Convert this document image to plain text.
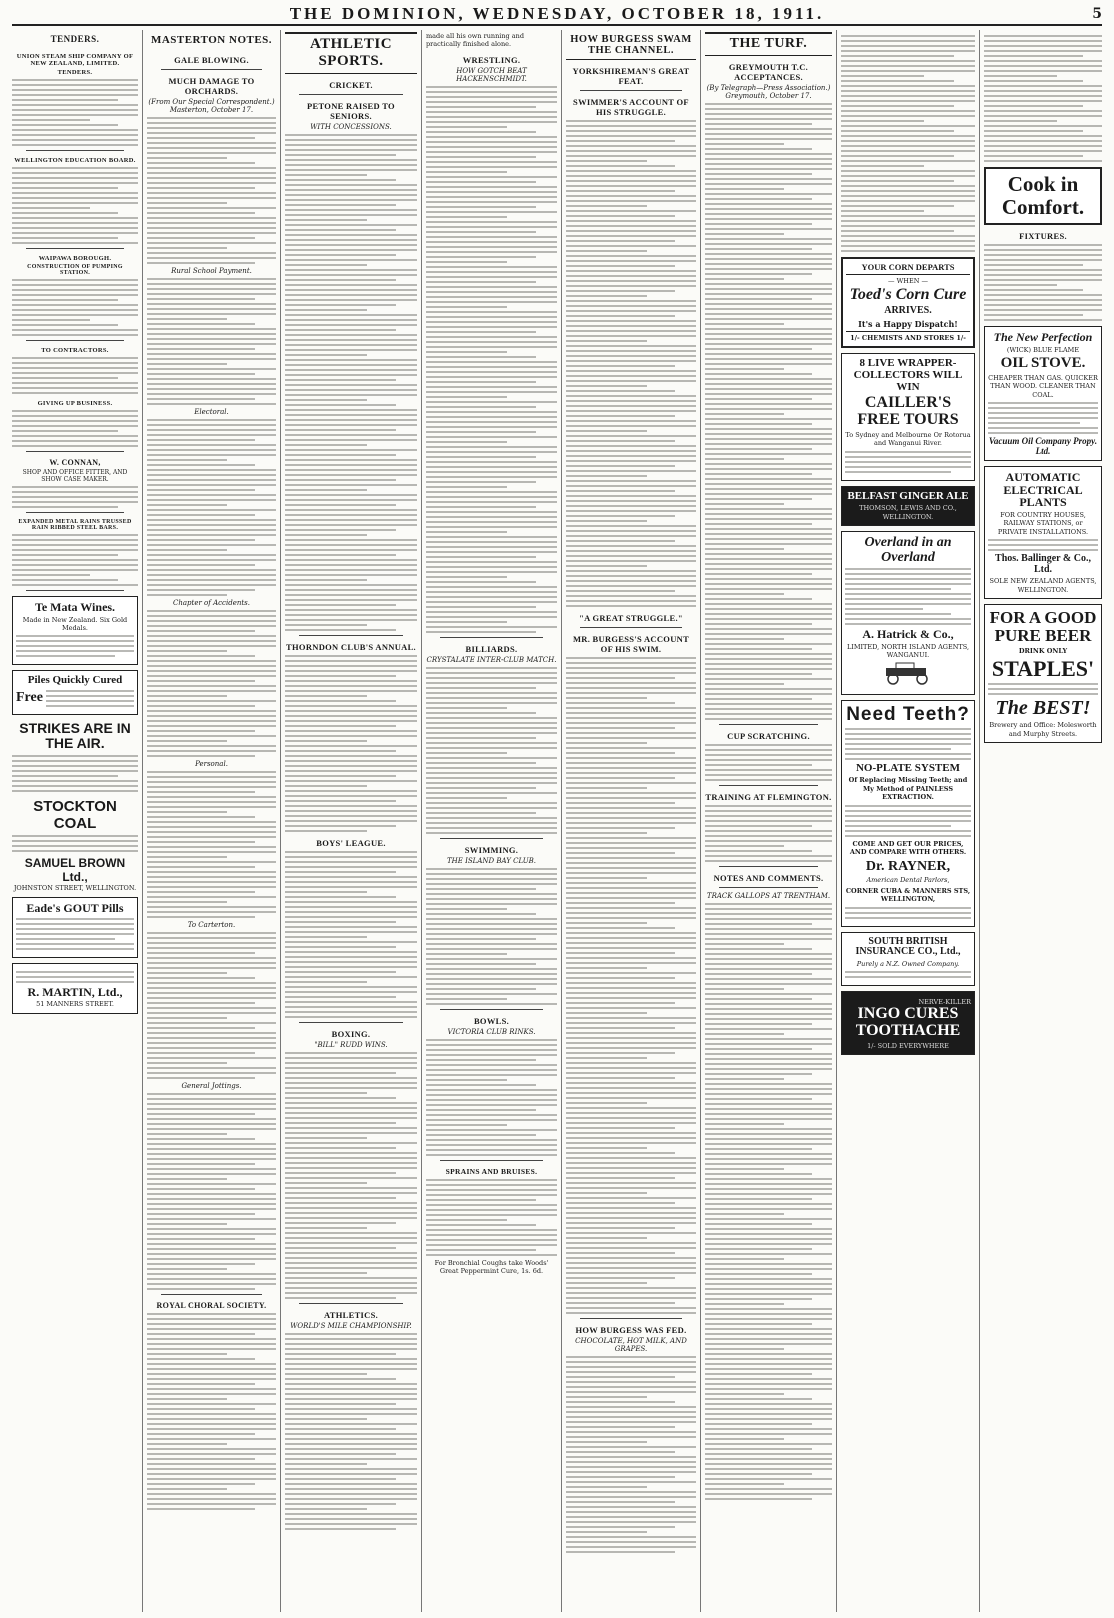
THE DOMINION, WEDNESDAY, OCTOBER 18, 1911.	5
TENDERS.
UNION STEAM SHIP COMPANY OF NEW ZEALAND, LIMITED.
TENDERS.
WELLINGTON EDUCATION BOARD.
WAIPAWA BOROUGH.
CONSTRUCTION OF PUMPING STATION.
TO CONTRACTORS.
GIVING UP BUSINESS.
W. CONNAN,
SHOP AND OFFICE FITTER, AND SHOW CASE MAKER.
EXPANDED METAL RAINS TRUSSED RAIN RIBBED STEEL BARS.
Te Mata Wines.
Made in New Zealand. Six Gold Medals.
Piles Quickly Cured
Free
STRIKES ARE IN THE AIR.
STOCKTON COAL
SAMUEL BROWN Ltd.,
JOHNSTON STREET, WELLINGTON.
Eade's GOUT Pills
R. MARTIN, Ltd.,
51 MANNERS STREET.
MASTERTON NOTES.
GALE BLOWING.
MUCH DAMAGE TO ORCHARDS.
(From Our Special Correspondent.) Masterton, October 17.
Rural School Payment.
Electoral.
Chapter of Accidents.
Personal.
To Carterton.
General Jottings.
ROYAL CHORAL SOCIETY.
ATHLETIC SPORTS.
CRICKET.
PETONE RAISED TO SENIORS.
WITH CONCESSIONS.
THORNDON CLUB'S ANNUAL.
BOYS' LEAGUE.
BOXING.
"BILL" RUDD WINS.
ATHLETICS.
WORLD'S MILE CHAMPIONSHIP.
made all his own running and practically finished alone.
WRESTLING.
HOW GOTCH BEAT HACKENSCHMIDT.
BILLIARDS.
CRYSTALATE INTER-CLUB MATCH.
SWIMMING.
THE ISLAND BAY CLUB.
BOWLS.
VICTORIA CLUB RINKS.
SPRAINS AND BRUISES.
For Bronchial Coughs take Woods' Great Peppermint Cure, 1s. 6d.
HOW BURGESS SWAM THE CHANNEL.
YORKSHIREMAN'S GREAT FEAT.
SWIMMER'S ACCOUNT OF HIS STRUGGLE.
"A GREAT STRUGGLE."
MR. BURGESS'S ACCOUNT OF HIS SWIM.
HOW BURGESS WAS FED.
CHOCOLATE, HOT MILK, AND GRAPES.
THE TURF.
GREYMOUTH T.C. ACCEPTANCES.
(By Telegraph—Press Association.) Greymouth, October 17.
CUP SCRATCHING.
TRAINING AT FLEMINGTON.
NOTES AND COMMENTS.
TRACK GALLOPS AT TRENTHAM.
YOUR CORN DEPARTS
— WHEN —
Toed's Corn Cure
ARRIVES.
It's a Happy Dispatch!
1/- CHEMISTS AND STORES 1/-
8 LIVE WRAPPER-COLLECTORS WILL WIN
CAILLER'S FREE TOURS
To Sydney and Melbourne Or Rotorua and Wanganui River.
BELFAST GINGER ALE
THOMSON, LEWIS AND CO., WELLINGTON.
Overland in an Overland
A. Hatrick & Co.,
LIMITED, NORTH ISLAND AGENTS, WANGANUI.
Need Teeth?
NO-PLATE SYSTEM
Of Replacing Missing Teeth; and My Method of PAINLESS EXTRACTION.
COME AND GET OUR PRICES, AND COMPARE WITH OTHERS.
Dr. RAYNER,
American Dental Parlors,
CORNER CUBA & MANNERS STS, WELLINGTON,
SOUTH BRITISH INSURANCE CO., Ltd.,
Purely a N.Z. Owned Company.
NERVE-KILLER
INGO CURES TOOTHACHE
1/- SOLD EVERYWHERE
Cook in Comfort.
FIXTURES.
The New Perfection
(WICK) BLUE FLAME
OIL STOVE.
CHEAPER THAN GAS. QUICKER THAN WOOD. CLEANER THAN COAL.
Vacuum Oil Company Propy. Ltd.
AUTOMATIC ELECTRICAL PLANTS
FOR COUNTRY HOUSES, RAILWAY STATIONS, or PRIVATE INSTALLATIONS.
Thos. Ballinger & Co., Ltd.
SOLE NEW ZEALAND AGENTS, WELLINGTON.
FOR A GOOD PURE BEER
DRINK ONLY
STAPLES'
The BEST!
Brewery and Office: Molesworth and Murphy Streets.
